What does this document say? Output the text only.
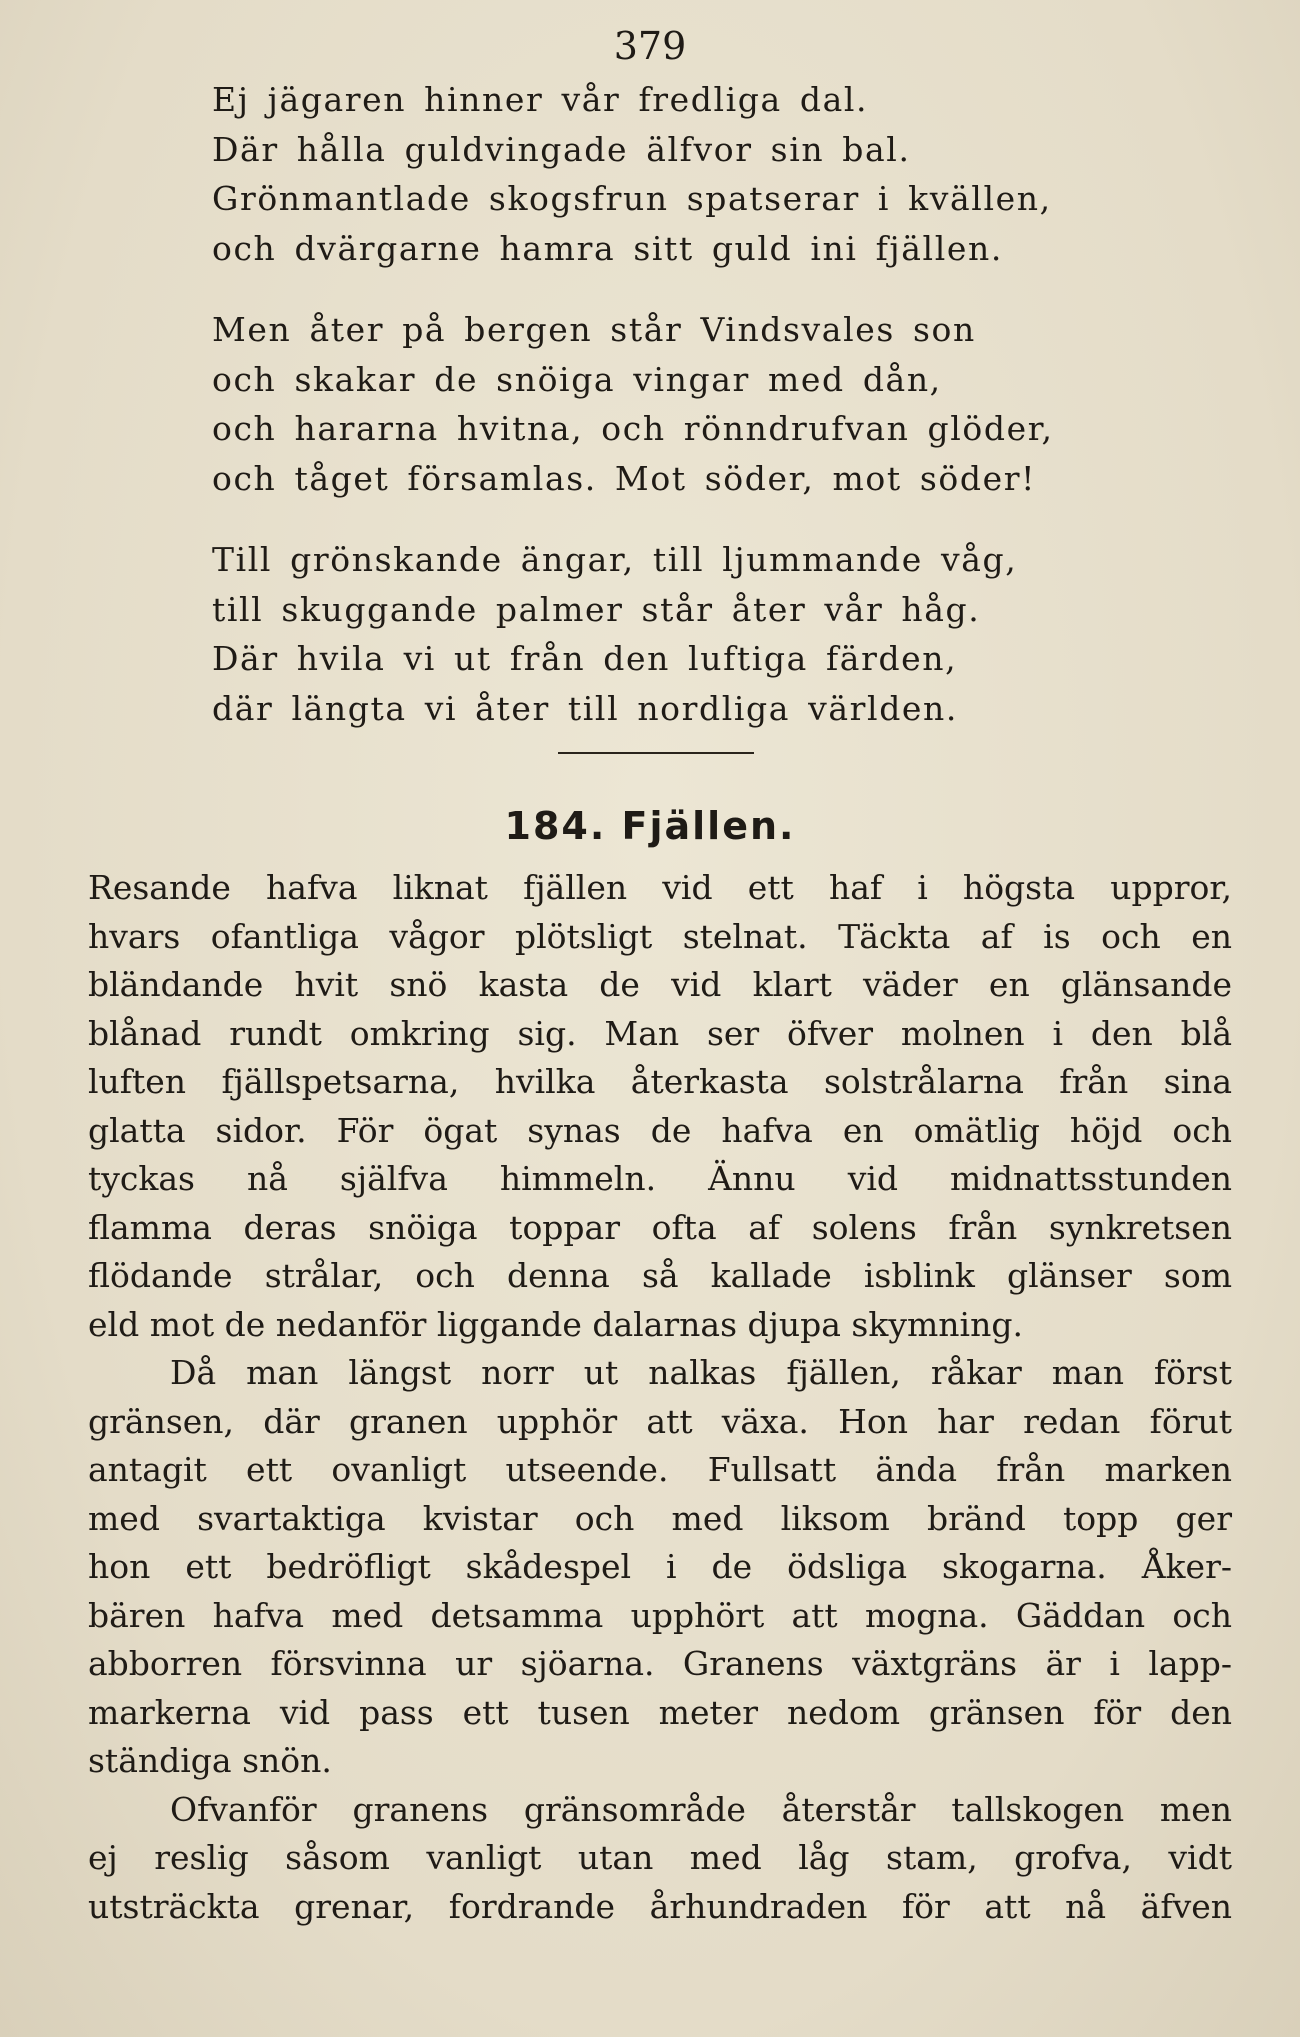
379
Ej jägaren hinner vår fredliga dal.
Där hålla guldvingade älfvor sin bal.
Grönmantlade skogsfrun spatserar i kvällen,
och dvärgarne hamra sitt guld ini fjällen.
Men åter på bergen står Vindsvales son
och skakar de snöiga vingar med dån,
och hararna hvitna, och rönndrufvan glöder,
och tåget församlas. Mot söder, mot söder!
Till grönskande ängar, till ljummande våg,
till skuggande palmer står åter vår håg.
Där hvila vi ut från den luftiga färden,
där längta vi åter till nordliga världen.
184. Fjällen.

Resande hafva liknat fjällen vid ett haf i högsta uppror,
hvars ofantliga vågor plötsligt stelnat. Täckta af is och en
bländande hvit snö kasta de vid klart väder en glänsande
blånad rundt omkring sig. Man ser öfver molnen i den blå
luften fjällspetsarna, hvilka återkasta solstrålarna från sina
glatta sidor. För ögat synas de hafva en omätlig höjd och
tyckas nå själfva himmeln. Ännu vid midnattsstunden
flamma deras snöiga toppar ofta af solens från synkretsen
flödande strålar, och denna så kallade isblink glänser som
eld mot de nedanför liggande dalarnas djupa skymning.

Då man längst norr ut nalkas fjällen, råkar man först
gränsen, där granen upphör att växa. Hon har redan förut
antagit ett ovanligt utseende. Fullsatt ända från marken
med svartaktiga kvistar och med liksom bränd topp ger
hon ett bedröfligt skådespel i de ödsliga skogarna. Åker-
bären hafva med detsamma upphört att mogna. Gäddan och
abborren försvinna ur sjöarna. Granens växtgräns är i lapp-
markerna vid pass ett tusen meter nedom gränsen för den
ständiga snön.

Ofvanför granens gränsområde återstår tallskogen men
ej reslig såsom vanligt utan med låg stam, grofva, vidt
utsträckta grenar, fordrande århundraden för att nå äfven
